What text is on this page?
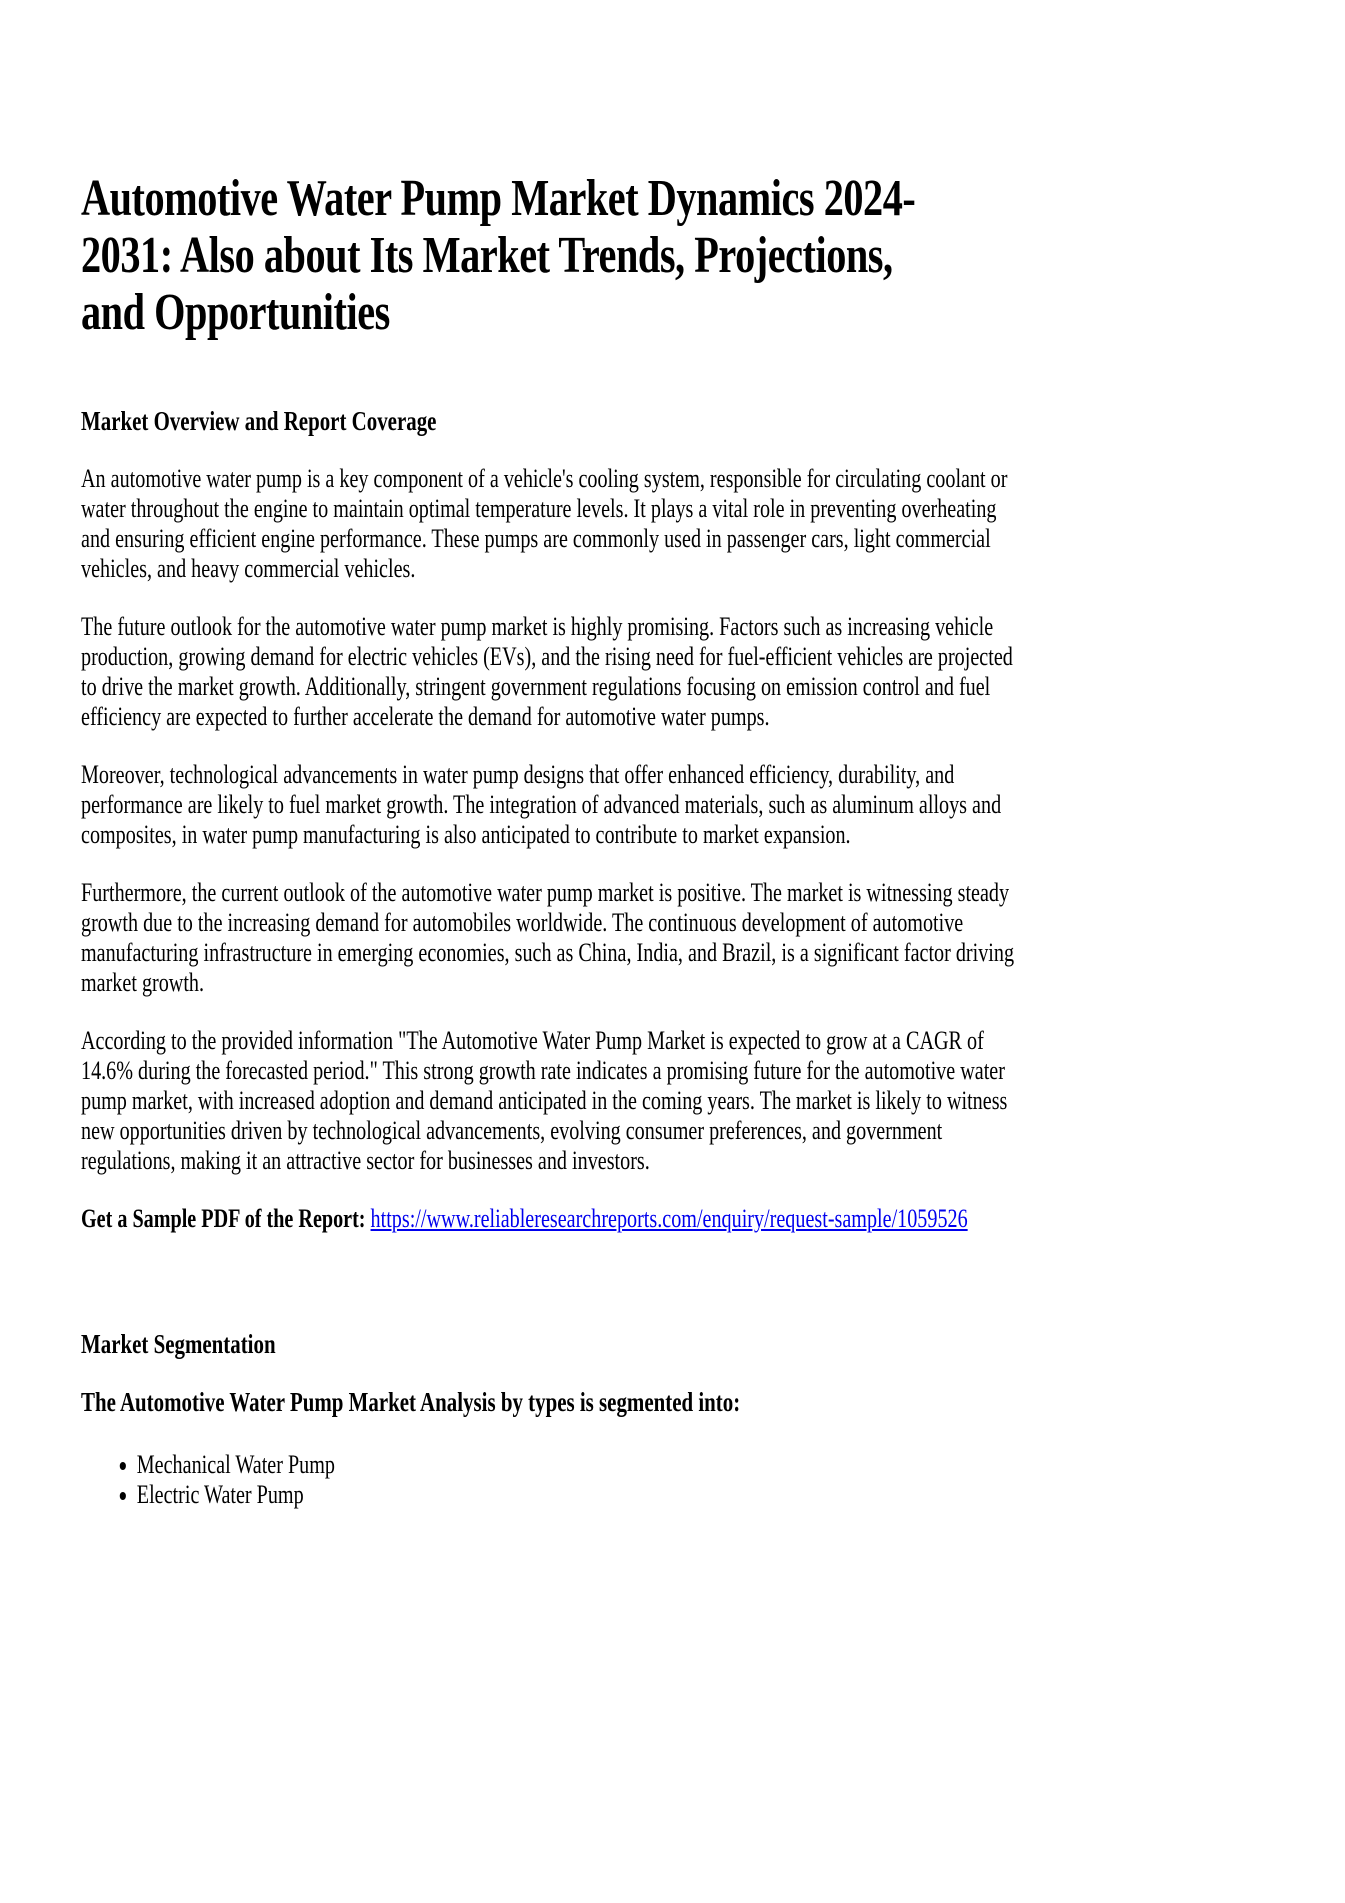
Automotive Water Pump Market Dynamics 2024-
2031: Also about Its Market Trends, Projections,
and Opportunities

Market Overview and Report Coverage

An automotive water pump is a key component of a vehicle's cooling system, responsible for circulating coolant or water throughout the engine to maintain optimal temperature levels. It plays a vital role in preventing overheating and ensuring efficient engine performance. These pumps are commonly used in passenger cars, light commercial vehicles, and heavy commercial vehicles.

The future outlook for the automotive water pump market is highly promising. Factors such as increasing vehicle production, growing demand for electric vehicles (EVs), and the rising need for fuel-efficient vehicles are projected to drive the market growth. Additionally, stringent government regulations focusing on emission control and fuel efficiency are expected to further accelerate the demand for automotive water pumps.

Moreover, technological advancements in water pump designs that offer enhanced efficiency, durability, and performance are likely to fuel market growth. The integration of advanced materials, such as aluminum alloys and composites, in water pump manufacturing is also anticipated to contribute to market expansion.

Furthermore, the current outlook of the automotive water pump market is positive. The market is witnessing steady growth due to the increasing demand for automobiles worldwide. The continuous development of automotive manufacturing infrastructure in emerging economies, such as China, India, and Brazil, is a significant factor driving market growth.

According to the provided information "The Automotive Water Pump Market is expected to grow at a CAGR of 14.6% during the forecasted period." This strong growth rate indicates a promising future for the automotive water pump market, with increased adoption and demand anticipated in the coming years. The market is likely to witness new opportunities driven by technological advancements, evolving consumer preferences, and government regulations, making it an attractive sector for businesses and investors.

Get a Sample PDF of the Report: https://www.reliableresearchreports.com/enquiry/request-sample/1059526

Market Segmentation

The Automotive Water Pump Market Analysis by types is segmented into:

• Mechanical Water Pump
• Electric Water Pump
